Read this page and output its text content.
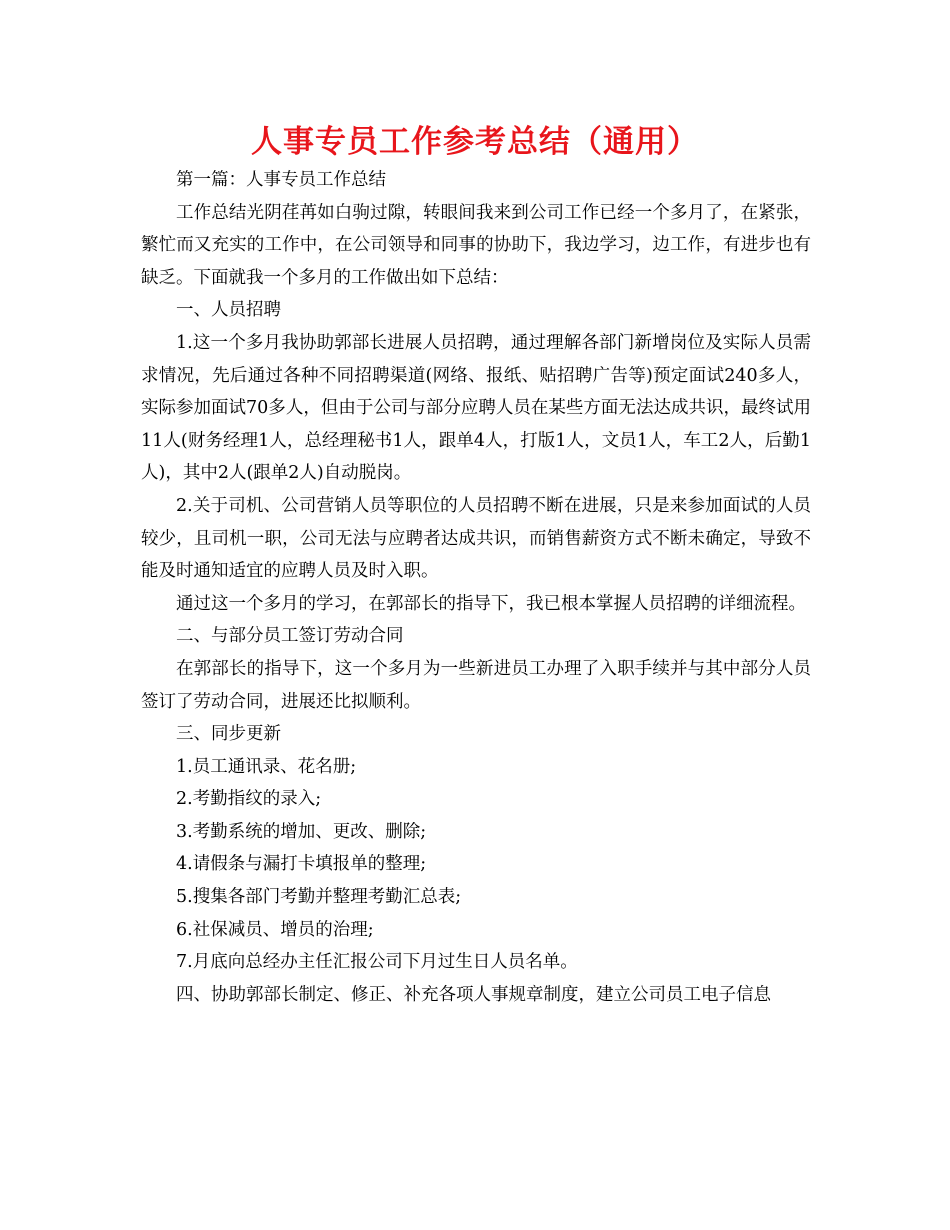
人事专员工作参考总结（通用）

第一篇：人事专员工作总结

工作总结光阴荏苒如白驹过隙，转眼间我来到公司工作已经一个多月了，在紧张，繁忙而又充实的工作中，在公司领导和同事的协助下，我边学习，边工作，有进步也有缺乏。下面就我一个多月的工作做出如下总结：

一、人员招聘

1.这一个多月我协助郭部长进展人员招聘，通过理解各部门新增岗位及实际人员需求情况，先后通过各种不同招聘渠道(网络、报纸、贴招聘广告等)预定面试240多人，实际参加面试70多人，但由于公司与部分应聘人员在某些方面无法达成共识，最终试用11人(财务经理1人，总经理秘书1人，跟单4人，打版1人，文员1人，车工2人，后勤1人)，其中2人(跟单2人)自动脱岗。

2.关于司机、公司营销人员等职位的人员招聘不断在进展，只是来参加面试的人员较少，且司机一职，公司无法与应聘者达成共识，而销售薪资方式不断未确定，导致不能及时通知适宜的应聘人员及时入职。

通过这一个多月的学习，在郭部长的指导下，我已根本掌握人员招聘的详细流程。

二、与部分员工签订劳动合同

在郭部长的指导下，这一个多月为一些新进员工办理了入职手续并与其中部分人员签订了劳动合同，进展还比拟顺利。

三、同步更新

1.员工通讯录、花名册;

2.考勤指纹的录入;

3.考勤系统的增加、更改、删除;

4.请假条与漏打卡填报单的整理;

5.搜集各部门考勤并整理考勤汇总表;

6.社保减员、增员的治理;

7.月底向总经办主任汇报公司下月过生日人员名单。

四、协助郭部长制定、修正、补充各项人事规章制度，建立公司员工电子信息
